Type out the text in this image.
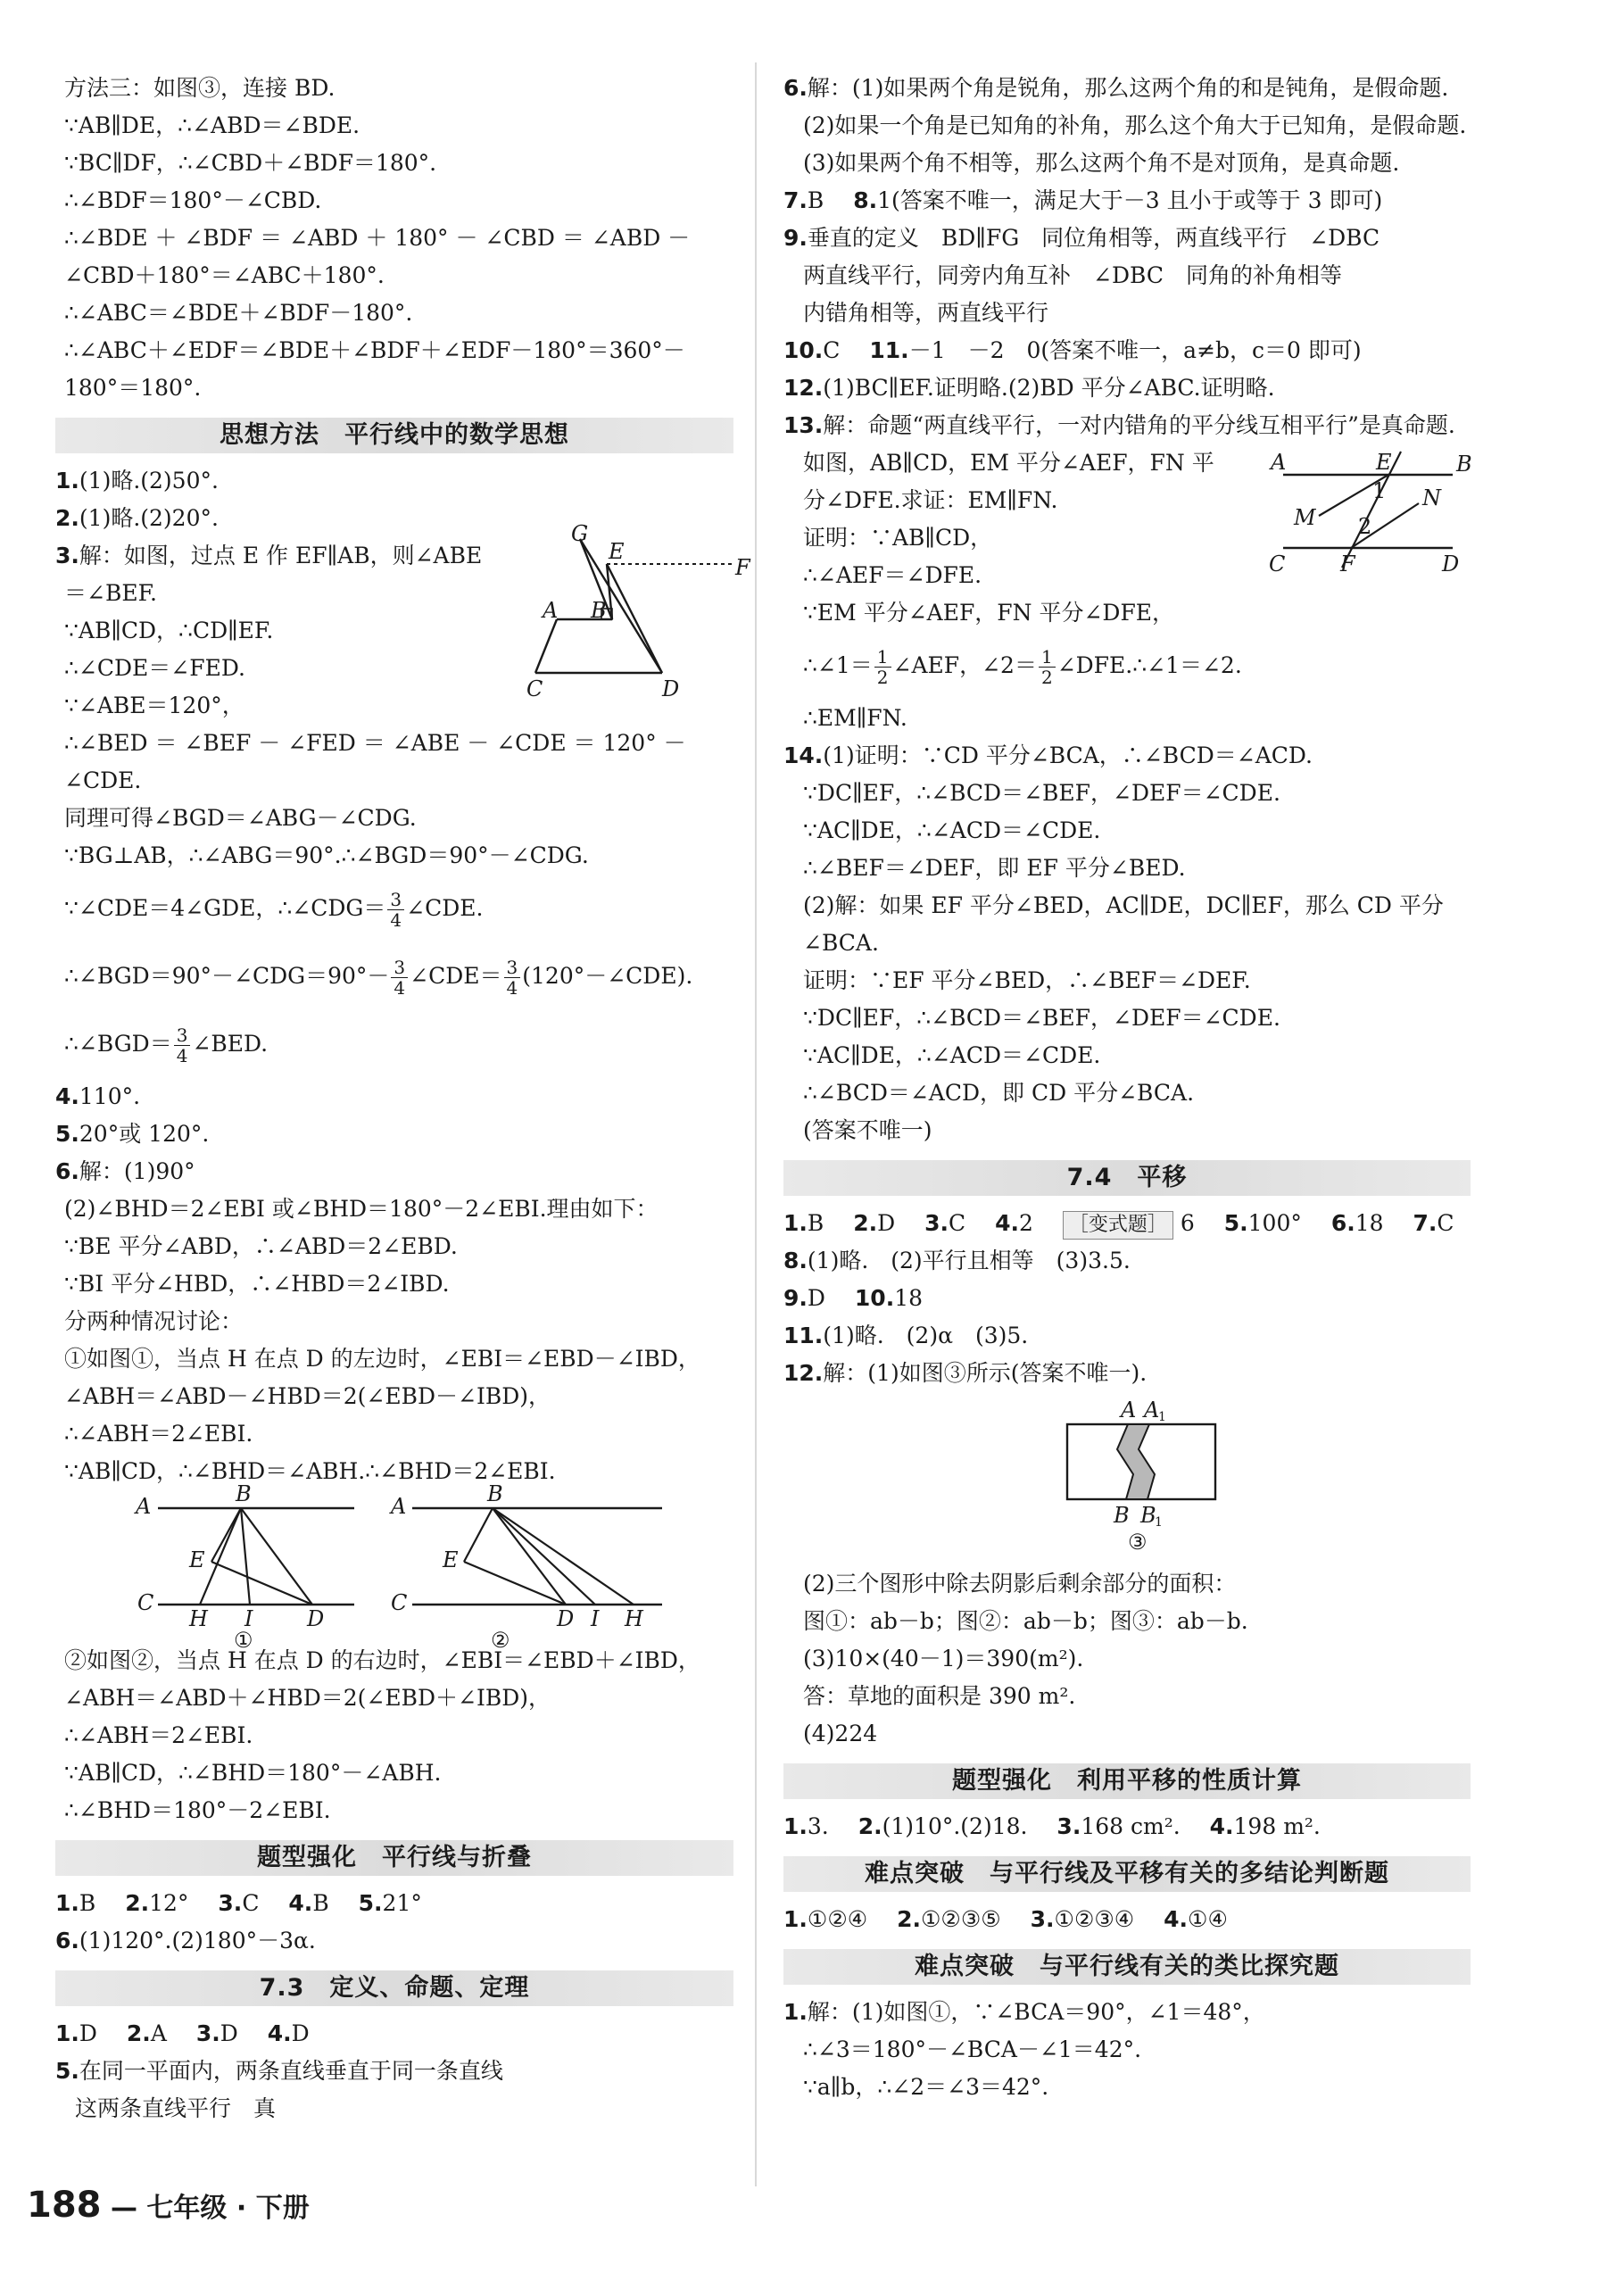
方法三：如图③，连接 BD.
∵AB∥DE，∴∠ABD＝∠BDE.
∵BC∥DF，∴∠CBD＋∠BDF＝180°.
∴∠BDF＝180°－∠CBD.
∴∠BDE ＋ ∠BDF ＝ ∠ABD ＋ 180° － ∠CBD ＝ ∠ABD －
∠CBD＋180°＝∠ABC＋180°.
∴∠ABC＝∠BDE＋∠BDF－180°.
∴∠ABC＋∠EDF＝∠BDE＋∠BDF＋∠EDF－180°＝360°－
180°＝180°.
思想方法　平行线中的数学思想
1.(1)略.(2)50°.
2.(1)略.(2)20°.
G
E
F
A B
C	D
3.解：如图，过点 E 作 EF∥AB，则∠ABE
＝∠BEF.
∵AB∥CD，∴CD∥EF.
∴∠CDE＝∠FED.
∵∠ABE＝120°，
∴∠BED ＝ ∠BEF － ∠FED ＝ ∠ABE － ∠CDE ＝ 120° －
∠CDE.
同理可得∠BGD＝∠ABG－∠CDG.
∵BG⊥AB，∴∠ABG＝90°.∴∠BGD＝90°－∠CDG.
∵∠CDE＝4∠GDE，∴∠CDG＝ $\frac{3}{4}$ ∠CDE.
∴∠BGD＝90°－∠CDG＝90°－ $\frac{3}{4}$ ∠CDE＝ $\frac{3}{4}$ (120°－∠CDE).
∴∠BGD＝ $\frac{3}{4}$ ∠BED.
4.110°.
5.20°或 120°.
6.解：(1)90°
(2)∠BHD＝2∠EBI 或∠BHD＝180°－2∠EBI.理由如下：
∵BE 平分∠ABD，∴∠ABD＝2∠EBD.
∵BI 平分∠HBD，∴∠HBD＝2∠IBD.
分两种情况讨论：
①如图①，当点 H 在点 D 的左边时，∠EBI＝∠EBD－∠IBD，
∠ABH＝∠ABD－∠HBD＝2(∠EBD－∠IBD)，
∴∠ABH＝2∠EBI.
∵AB∥CD，∴∠BHD＝∠ABH.∴∠BHD＝2∠EBI.
A	B
E
C
H I	D
①
A	B
E
C
D I H
②
②如图②，当点 H 在点 D 的右边时，∠EBI＝∠EBD＋∠IBD，
∠ABH＝∠ABD＋∠HBD＝2(∠EBD＋∠IBD)，
∴∠ABH＝2∠EBI.
∵AB∥CD，∴∠BHD＝180°－∠ABH.
∴∠BHD＝180°－2∠EBI.
题型强化　平行线与折叠
1.B　 2.12°　 3.C　 4.B　 5.21°
6.(1)120°.(2)180°－3α.
7.3　定义、命题、定理
1.D　 2.A　 3.D　 4.D
5.在同一平面内，两条直线垂直于同一条直线
这两条直线平行　真
6.解：(1)如果两个角是锐角，那么这两个角的和是钝角，是假命题.
(2)如果一个角是已知角的补角，那么这个角大于已知角，是假命题.
(3)如果两个角不相等，那么这两个角不是对顶角，是真命题.
7.B　 8.1(答案不唯一，满足大于－3 且小于或等于 3 即可)
9.垂直的定义　BD∥FG　同位角相等，两直线平行　∠DBC
两直线平行，同旁内角互补　∠DBC　同角的补角相等
内错角相等，两直线平行
10.C　 11.－1　－2　0(答案不唯一，a≠b，c＝0 即可)
12.(1)BC∥EF.证明略.(2)BD 平分∠ABC.证明略.
A	E	B
M
1
2
N
C	F	D
13.解：命题“两直线平行，一对内错角的平分线互相平行”是真命题.
如图，AB∥CD，EM 平分∠AEF，FN 平
分∠DFE.求证：EM∥FN.
证明：∵AB∥CD，
∴∠AEF＝∠DFE.
∵EM 平分∠AEF，FN 平分∠DFE，
∴∠1＝ $\frac{1}{2}$ ∠AEF，∠2＝ $\frac{1}{2}$ ∠DFE.∴∠1＝∠2.
∴EM∥FN.
14.(1)证明：∵CD 平分∠BCA，∴∠BCD＝∠ACD.
∵DC∥EF，∴∠BCD＝∠BEF，∠DEF＝∠CDE.
∵AC∥DE，∴∠ACD＝∠CDE.
∴∠BEF＝∠DEF，即 EF 平分∠BED.
(2)解：如果 EF 平分∠BED，AC∥DE，DC∥EF，那么 CD 平分
∠BCA.
证明：∵EF 平分∠BED，∴∠BEF＝∠DEF.
∵DC∥EF，∴∠BCD＝∠BEF，∠DEF＝∠CDE.
∵AC∥DE，∴∠ACD＝∠CDE.
∴∠BCD＝∠ACD，即 CD 平分∠BCA.
(答案不唯一)
7.4　平移
1.B　 2.D　 3.C　 4.2　 ［变式题］ 6　 5.100°　 6.18　 7.C
8.(1)略.　(2)平行且相等　(3)3.5.
9.D　 10.18
11.(1)略.　(2)α　(3)5.
12.解：(1)如图③所示(答案不唯一).
A A
1
B B
1
③
(2)三个图形中除去阴影后剩余部分的面积：
图①：ab－b；图②：ab－b；图③：ab－b.
(3)10×(40－1)＝390(m²).
答：草地的面积是 390 m².
(4)224
题型强化　利用平移的性质计算
1.3.　 2.(1)10°.(2)18.　 3.168 cm².　 4.198 m².
难点突破　与平行线及平移有关的多结论判断题
1.①②④　 2.①②③⑤　 3.①②③④　 4.①④
难点突破　与平行线有关的类比探究题
1.解：(1)如图①，∵∠BCA＝90°，∠1＝48°，
∴∠3＝180°－∠BCA－∠1＝42°.
∵a∥b，∴∠2＝∠3＝42°.
188 — 七年级 · 下册
